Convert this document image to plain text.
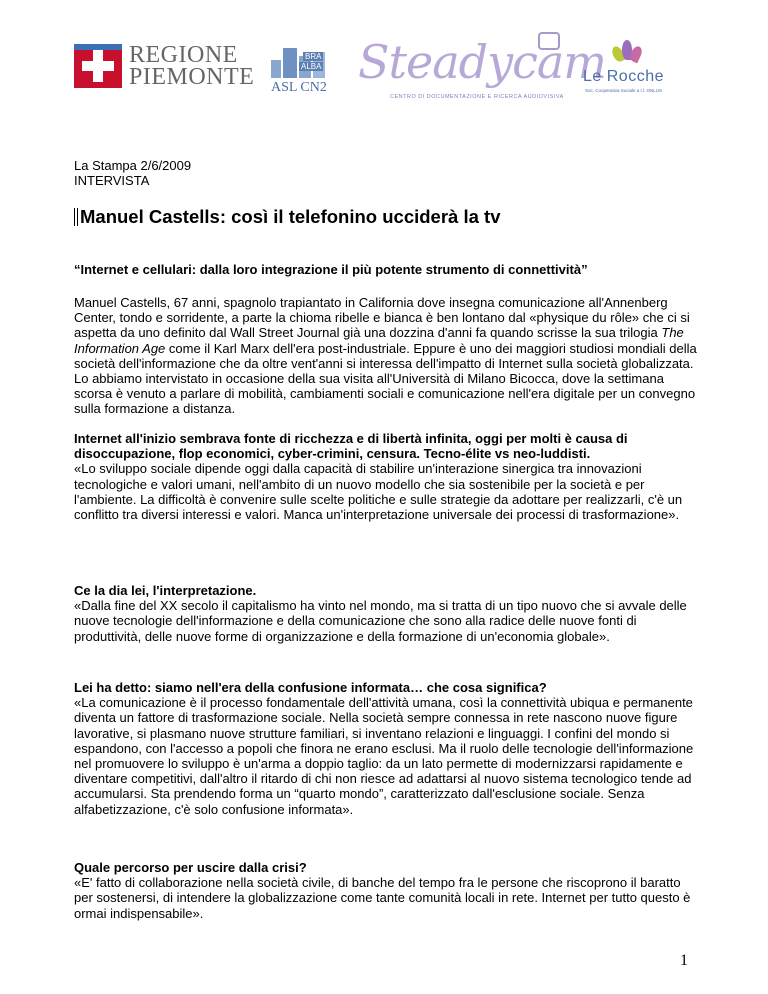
REGIONE
PIEMONTE
BRA
ALBA
ASL CN2 Steadycam
CENTRO DI DOCUMENTAZIONE E RICERCA AUDIOVISIVA
Le Rocche
Soc. Cooperativa Sociale a r.l. ONLUS
La Stampa 2/6/2009
INTERVISTA
Manuel Castells: così il telefonino ucciderà la tv
“Internet e cellulari: dalla loro integrazione il più potente strumento di connettività”

Manuel Castells, 67 anni, spagnolo trapiantato in California dove insegna comunicazione all'Annenberg Center, tondo e sorridente, a parte la chioma ribelle e bianca è ben lontano dal «physique du rôle» che ci si aspetta da uno definito dal Wall Street Journal già una dozzina d'anni fa quando scrisse la sua trilogia The Information Age come il Karl Marx dell'era post-industriale. Eppure è uno dei maggiori studiosi mondiali della società dell'informazione che da oltre vent'anni si interessa dell'impatto di Internet sulla società globalizzata. Lo abbiamo intervistato in occasione della sua visita all'Università di Milano Bicocca, dove la settimana scorsa è venuto a parlare di mobilità, cambiamenti sociali e comunicazione nell'era digitale per un convegno sulla formazione a distanza.

Internet all'inizio sembrava fonte di ricchezza e di libertà infinita, oggi per molti è causa di disoccupazione, flop economici, cyber-crimini, censura. Tecno-élite vs neo-luddisti.

«Lo sviluppo sociale dipende oggi dalla capacità di stabilire un'interazione sinergica tra innovazioni tecnologiche e valori umani, nell'ambito di un nuovo modello che sia sostenibile per la società e per l'ambiente. La difficoltà è convenire sulle scelte politiche e sulle strategie da adottare per realizzarli, c'è un conflitto tra diversi interessi e valori. Manca un'interpretazione universale dei processi di trasformazione».

Ce la dia lei, l'interpretazione.

«Dalla fine del XX secolo il capitalismo ha vinto nel mondo, ma si tratta di un tipo nuovo che si avvale delle nuove tecnologie dell'informazione e della comunicazione che sono alla radice delle nuove fonti di produttività, delle nuove forme di organizzazione e della formazione di un'economia globale».

Lei ha detto: siamo nell'era della confusione informata… che cosa significa?

«La comunicazione è il processo fondamentale dell'attività umana, così la connettività ubiqua e permanente diventa un fattore di trasformazione sociale. Nella società sempre connessa in rete nascono nuove figure lavorative, si plasmano nuove strutture familiari, si inventano relazioni e linguaggi. I confini del mondo si espandono, con l'accesso a popoli che finora ne erano esclusi. Ma il ruolo delle tecnologie dell'informazione nel promuovere lo sviluppo è un'arma a doppio taglio: da un lato permette di modernizzarsi rapidamente e diventare competitivi, dall'altro il ritardo di chi non riesce ad adattarsi al nuovo sistema tecnologico tende ad accumularsi. Sta prendendo forma un “quarto mondo”, caratterizzato dall'esclusione sociale. Senza alfabetizzazione, c'è solo confusione informata».

Quale percorso per uscire dalla crisi?

«E' fatto di collaborazione nella società civile, di banche del tempo fra le persone che riscoprono il baratto per sostenersi, di intendere la globalizzazione come tante comunità locali in rete. Internet per tutto questo è ormai indispensabile».

1
